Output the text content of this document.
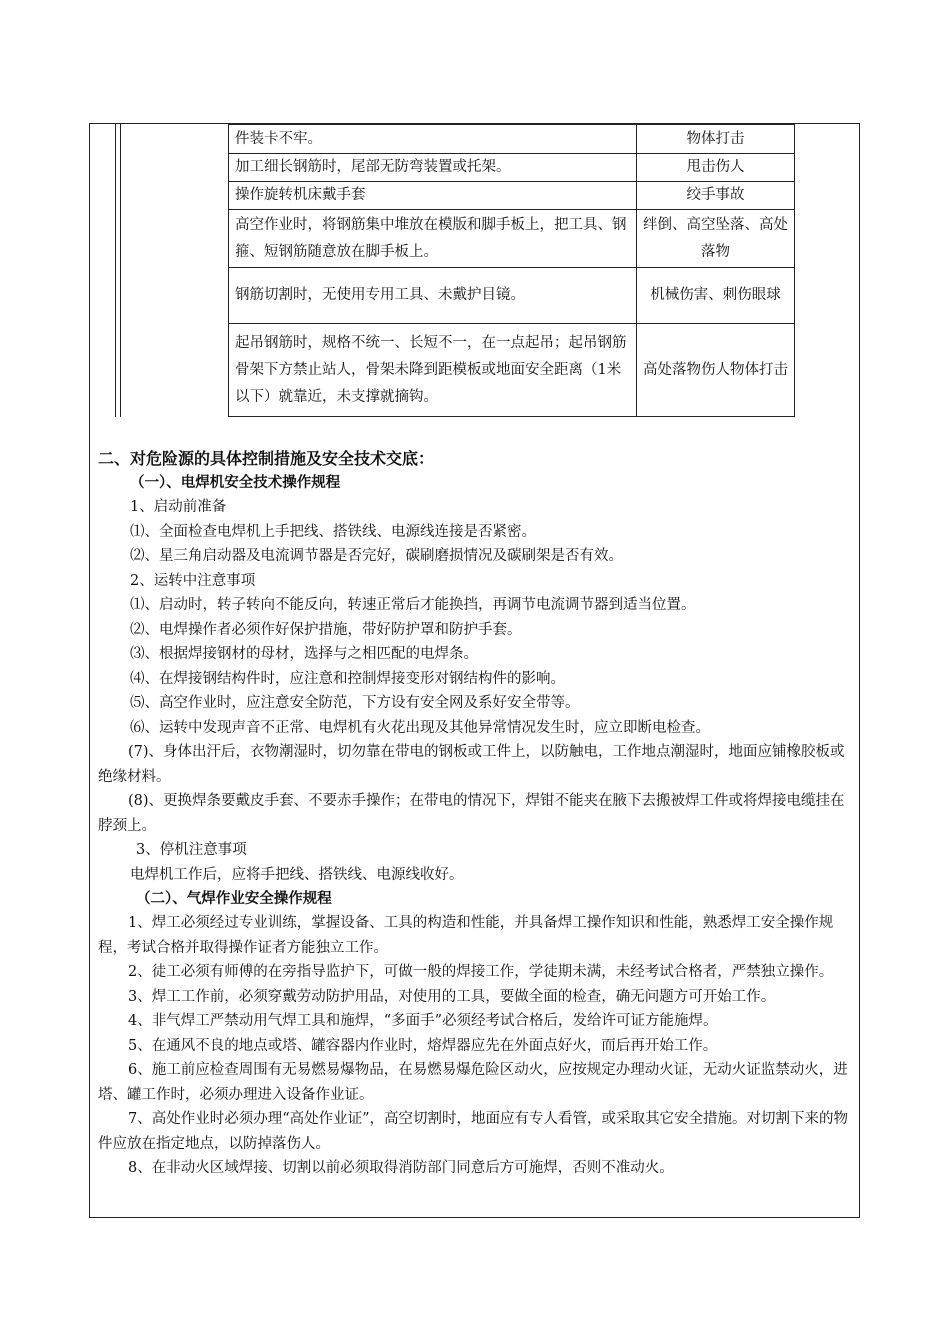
件装卡不牢。	物体打击
加工细长钢筋时，尾部无防弯装置或托架。	甩击伤人
操作旋转机床戴手套	绞手事故
高空作业时，将钢筋集中堆放在模版和脚手板上，把工具、钢箍、短钢筋随意放在脚手板上。	绊倒、高空坠落、高处落物
钢筋切割时，无使用专用工具、未戴护目镜。	机械伤害、刺伤眼球
起吊钢筋时，规格不统一、长短不一，在一点起吊；起吊钢筋骨架下方禁止站人，骨架未降到距模板或地面安全距离（1米以下）就靠近，未支撑就摘钩。	高处落物伤人物体打击
二、对危险源的具体控制措施及安全技术交底：
（一）、电焊机安全技术操作规程

1、启动前准备

⑴、全面检查电焊机上手把线、搭铁线、电源线连接是否紧密。

⑵、星三角启动器及电流调节器是否完好，碳刷磨损情况及碳刷架是否有效。

2、运转中注意事项

⑴、启动时，转子转向不能反向，转速正常后才能换挡，再调节电流调节器到适当位置。

⑵、电焊操作者必须作好保护措施，带好防护罩和防护手套。

⑶、根据焊接钢材的母材，选择与之相匹配的电焊条。

⑷、在焊接钢结构件时，应注意和控制焊接变形对钢结构件的影响。

⑸、高空作业时，应注意安全防范，下方设有安全网及系好安全带等。

⑹、运转中发现声音不正常、电焊机有火花出现及其他异常情况发生时，应立即断电检查。

(7)、身体出汗后，衣物潮湿时，切勿靠在带电的钢板或工件上，以防触电，工作地点潮湿时，地面应铺橡胶板或绝缘材料。

(8)、更换焊条要戴皮手套、不要赤手操作；在带电的情况下，焊钳不能夹在腋下去搬被焊工件或将焊接电缆挂在脖颈上。

3、停机注意事项

电焊机工作后，应将手把线、搭铁线、电源线收好。

（二）、气焊作业安全操作规程

1、焊工必须经过专业训练，掌握设备、工具的构造和性能，并具备焊工操作知识和性能，熟悉焊工安全操作规程，考试合格并取得操作证者方能独立工作。

2、徒工必须有师傅的在旁指导监护下，可做一般的焊接工作，学徒期未满，未经考试合格者，严禁独立操作。

3、焊工工作前，必须穿戴劳动防护用品，对使用的工具，要做全面的检查，确无问题方可开始工作。

4、非气焊工严禁动用气焊工具和施焊，“多面手”必须经考试合格后，发给许可证方能施焊。

5、在通风不良的地点或塔、罐容器内作业时，熔焊器应先在外面点好火，而后再开始工作。

6、施工前应检查周围有无易燃易爆物品，在易燃易爆危险区动火，应按规定办理动火证，无动火证监禁动火，进塔、罐工作时，必须办理进入设备作业证。

7、高处作业时必须办理“高处作业证”，高空切割时，地面应有专人看管，或采取其它安全措施。对切割下来的物件应放在指定地点，以防掉落伤人。

8、在非动火区域焊接、切割以前必须取得消防部门同意后方可施焊，否则不准动火。
